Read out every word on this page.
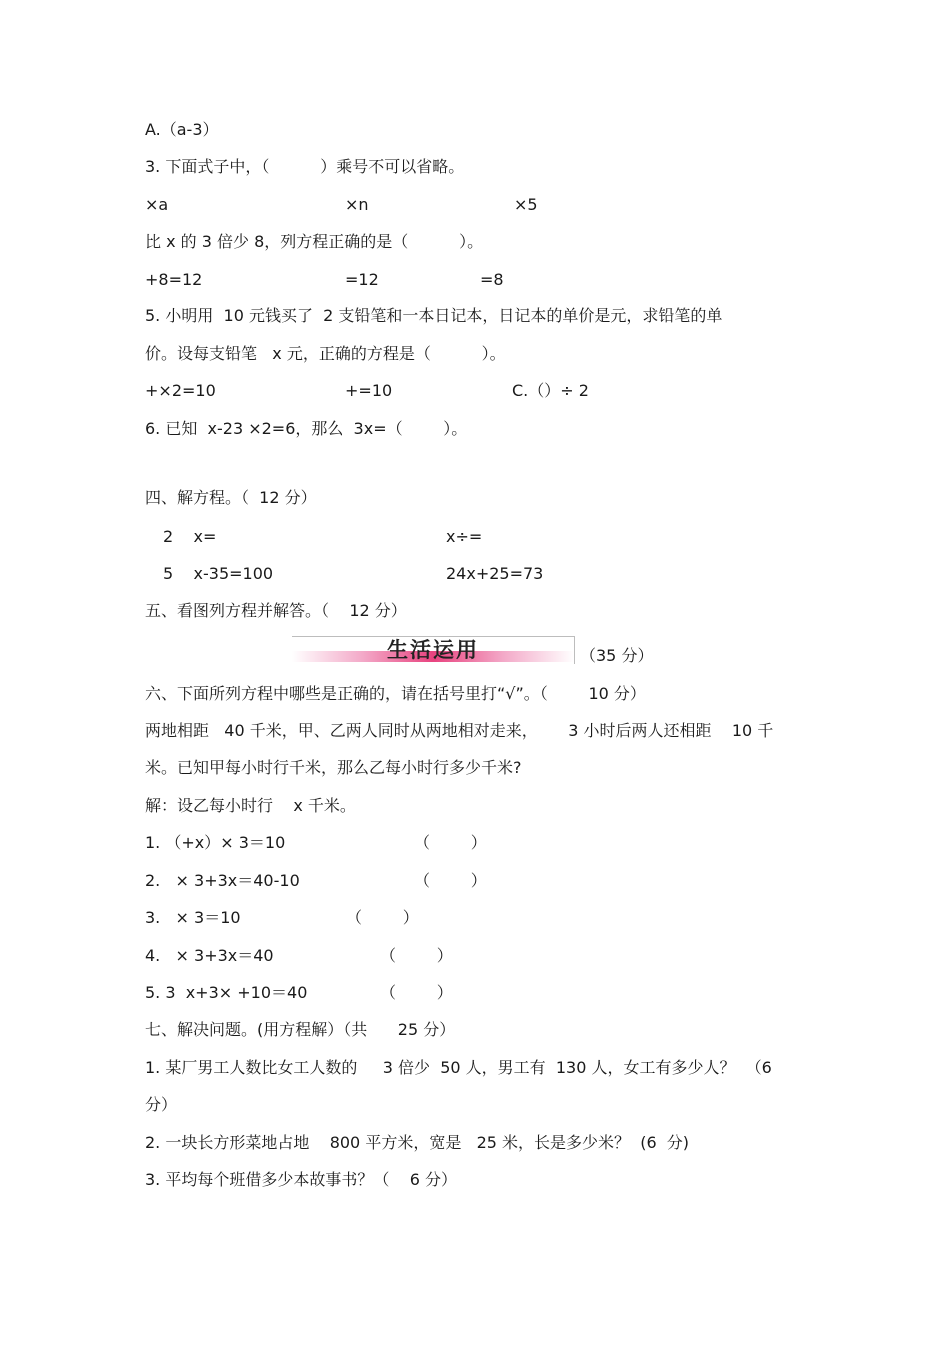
A.（a-3）
3. 下面式子中，（          ）乘号不可以省略。
×a	×n	×5
比 x 的 3 倍少 8，列方程正确的是（          ）。
+8=12	=12	=8
5. 小明用  10 元钱买了  2 支铅笔和一本日记本，日记本的单价是元，求铅笔的单
价。设每支铅笔   x 元，正确的方程是（          ）。
+×2=10	+=10	C.（）÷ 2
6. 已知  x-23 ×2=6，那么  3x=（        ）。
四、解方程。（  12 分）
2    x=	x÷=
5    x-35=100	24x+25=73
五、看图列方程并解答。（    12 分）
生活运用	（35 分）
六、下面所列方程中哪些是正确的，请在括号里打“√”。（        10 分）
两地相距   40 千米，甲、乙两人同时从两地相对走来，      3 小时后两人还相距    10 千
米。已知甲每小时行千米，那么乙每小时行多少千米?
解：设乙每小时行    x 千米。
1. （+x）× 3＝10	（        ）
2.   × 3+3x＝40-10	（        ）
3.   × 3＝10	（        ）
4.   × 3+3x＝40	（        ）
5. 3  x+3× +10＝40	（        ）
七、解决问题。(用方程解）（共      25 分）
1. 某厂男工人数比女工人数的     3 倍少  50 人，男工有  130 人，女工有多少人？  （6
分）
2. 一块长方形菜地占地    800 平方米，宽是   25 米，长是多少米？  (6  分)
3. 平均每个班借多少本故事书？（    6 分）
